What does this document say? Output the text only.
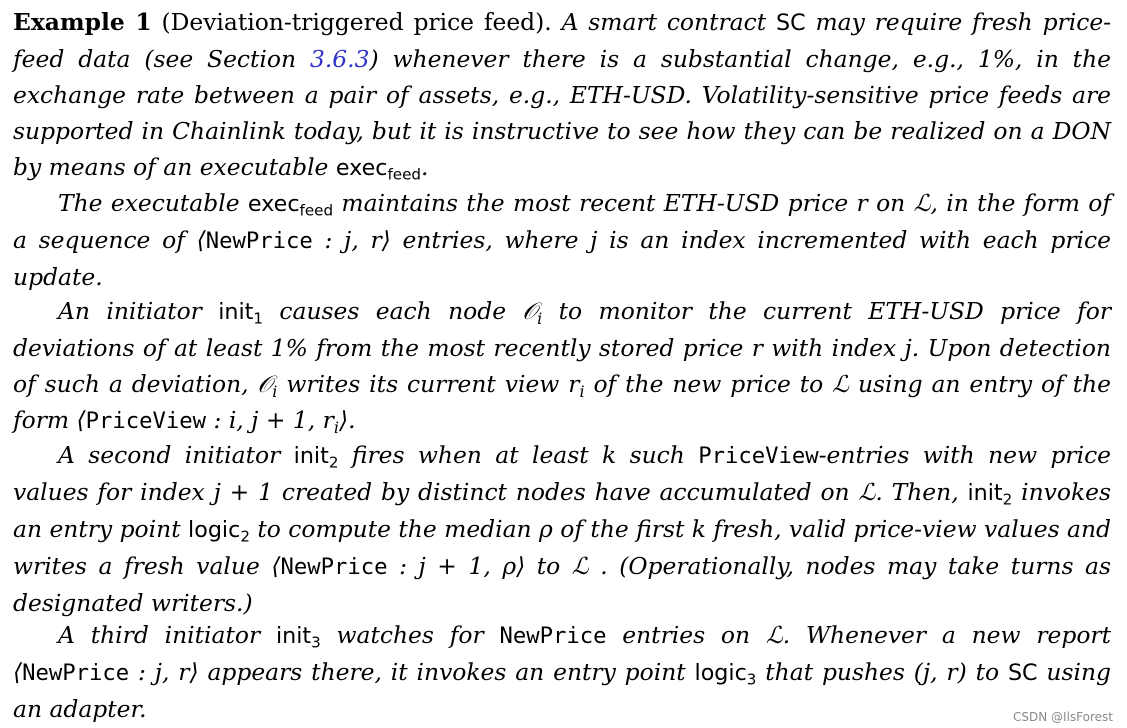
Example 1 (Deviation-triggered price feed). A smart contract SC may require fresh price-feed data (see Section 3.6.3) whenever there is a substantial change, e.g., 1%, in the exchange rate between a pair of assets, e.g., ETH-USD. Volatility-sensitive price feeds are supported in Chainlink today, but it is instructive to see how they can be realized on a DON by means of an executable exec$_{feed}$.

The executable exec$_{feed}$ maintains the most recent ETH-USD price r on ℒ, in the form of a sequence of ⟨NewPrice : j, r⟩ entries, where j is an index incremented with each price update.

An initiator init$_1$ causes each node 𝒪$_i$ to monitor the current ETH-USD price for deviations of at least 1% from the most recently stored price r with index j. Upon detection of such a deviation, 𝒪$_i$ writes its current view $r_i$ of the new price to ℒ using an entry of the form ⟨PriceView : i, j + 1, $r_i⟩$.

A second initiator init$_2$ fires when at least k such PriceView-entries with new price values for index j + 1 created by distinct nodes have accumulated on ℒ. Then, init$_2$ invokes an entry point logic$_2$ to compute the median ρ of the first k fresh, valid price-view values and writes a fresh value ⟨NewPrice : j + 1, ρ⟩ to ℒ . (Operationally, nodes may take turns as designated writers.)

A third initiator init$_3$ watches for NewPrice entries on ℒ. Whenever a new report ⟨NewPrice : j, r⟩ appears there, it invokes an entry point logic$_3$ that pushes (j, r) to SC using an adapter.	CSDN @IlsForest
